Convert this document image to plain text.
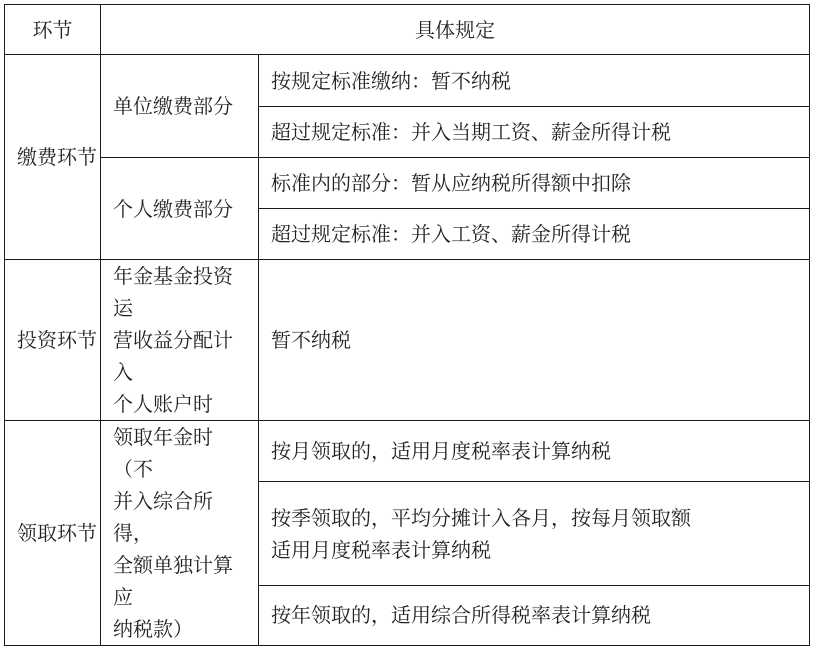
环节	具体规定	
缴费环节	单位缴费部分	按规定标准缴纳：暂不纳税
		超过规定标准：并入当期工资、薪金所得计税
	个人缴费部分	标准内的部分：暂从应纳税所得额中扣除
		超过规定标准：并入工资、薪金所得计税
投资环节	年金基金投资运
营收益分配计入
个人账户时	暂不纳税
领取环节	领取年金时（不
并入综合所得，
全额单独计算应
纳税款）	按月领取的，适用月度税率表计算纳税

		按季领取的，平均分摊计入各月，按每月领取额
适用月度税率表计算纳税

		按年领取的，适用综合所得税率表计算纳税
